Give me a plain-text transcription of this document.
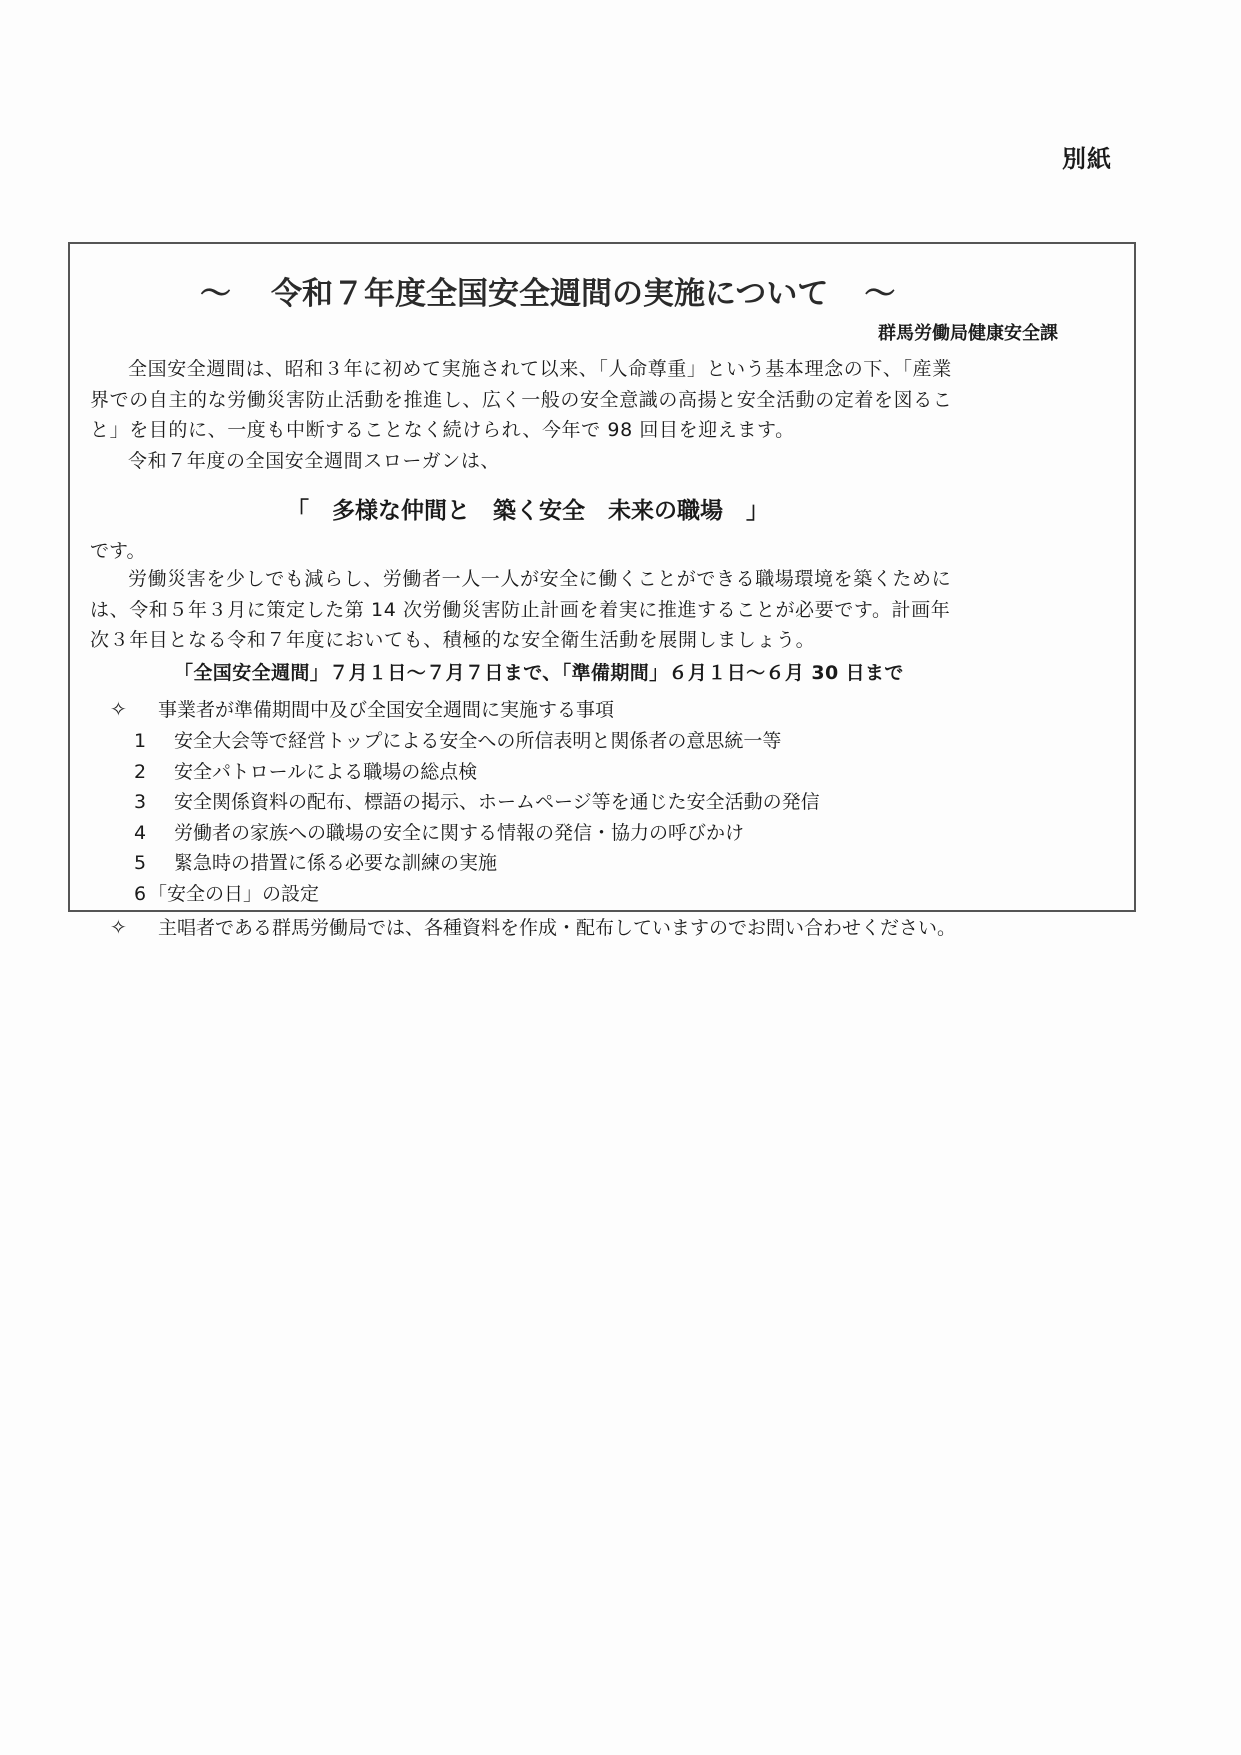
別紙
～ 令和７年度全国安全週間の実施について ～
群馬労働局健康安全課
全国安全週間は、昭和３年に初めて実施されて以来、「人命尊重」という基本理念の下、「産業
界での自主的な労働災害防止活動を推進し、広く一般の安全意識の高揚と安全活動の定着を図るこ
と」を目的に、一度も中断することなく続けられ、今年で 98 回目を迎えます。
令和７年度の全国安全週間スローガンは、
「　多様な仲間と　築く安全　未来の職場　」
です。
労働災害を少しでも減らし、労働者一人一人が安全に働くことができる職場環境を築くために
は、令和５年３月に策定した第 14 次労働災害防止計画を着実に推進することが必要です。計画年
次３年目となる令和７年度においても、積極的な安全衛生活動を展開しましょう。
「全国安全週間」７月１日～７月７日まで、「準備期間」６月１日～６月 30 日まで
✧ 事業者が準備期間中及び全国安全週間に実施する事項
1 安全大会等で経営トップによる安全への所信表明と関係者の意思統一等
2 安全パトロールによる職場の総点検
3 安全関係資料の配布、標語の掲示、ホームページ等を通じた安全活動の発信
4 労働者の家族への職場の安全に関する情報の発信・協力の呼びかけ
5 緊急時の措置に係る必要な訓練の実施
6 「安全の日」の設定
✧ 主唱者である群馬労働局では、各種資料を作成・配布していますのでお問い合わせください。
